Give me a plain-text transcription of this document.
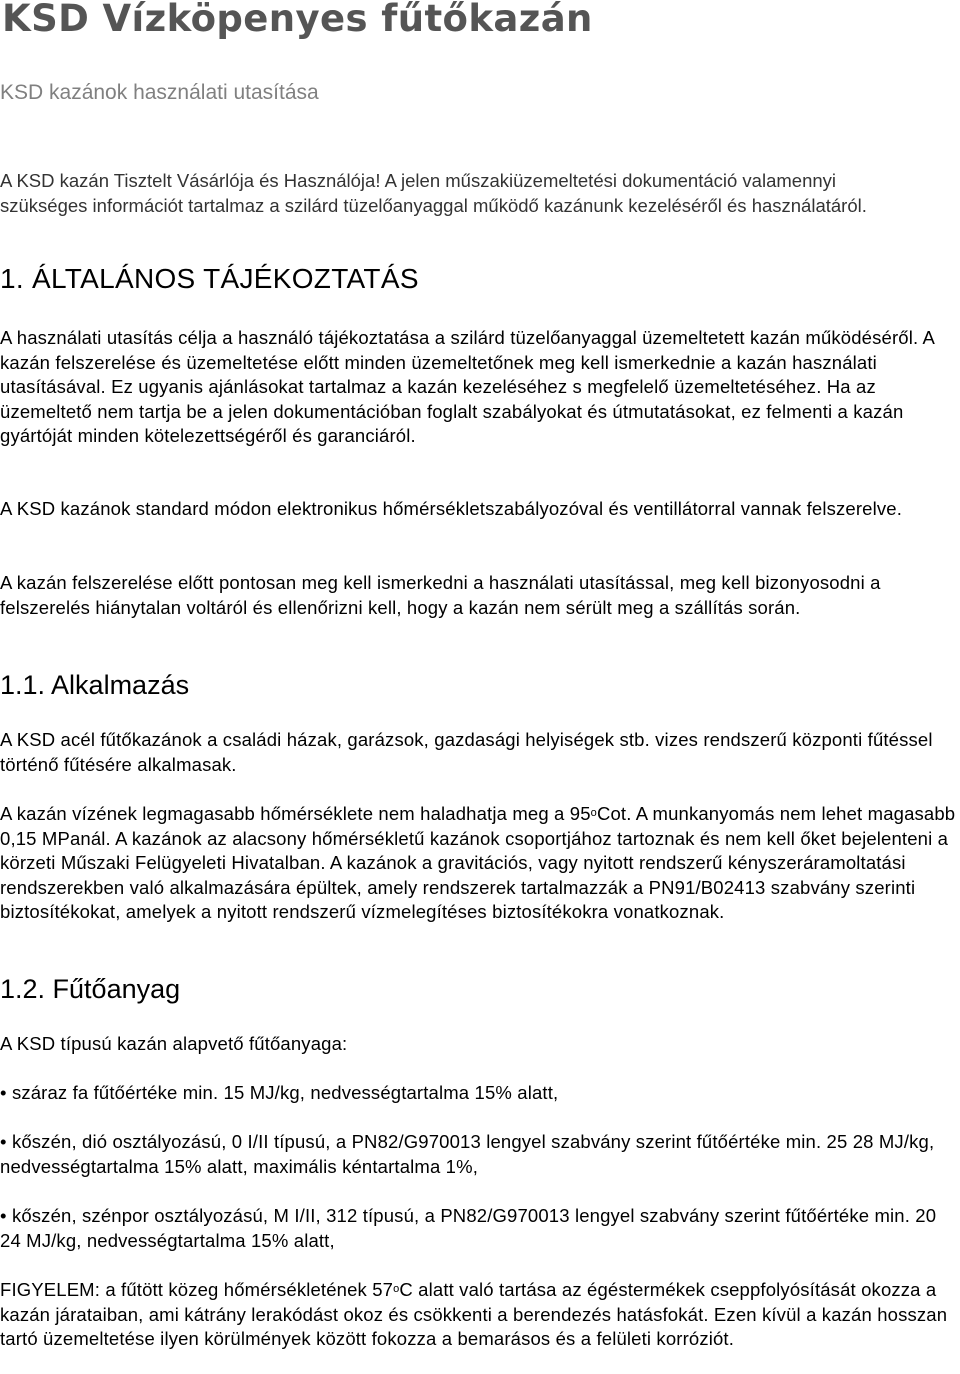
KSD Vízköpenyes fűtőkazán

KSD kazánok használati utasítása

A KSD kazán Tisztelt Vásárlója és Használója! A jelen műszakiüzemeltetési dokumentáció valamennyi szükséges információt tartalmaz a szilárd tüzelőanyaggal működő kazánunk kezeléséről és használatáról.

1. ÁLTALÁNOS TÁJÉKOZTATÁS

A használati utasítás célja a használó tájékoztatása a szilárd tüzelőanyaggal üzemeltetett kazán működéséről. A kazán felszerelése és üzemeltetése előtt minden üzemeltetőnek meg kell ismerkednie a kazán használati utasításával. Ez ugyanis ajánlásokat tartalmaz a kazán kezeléséhez s megfelelő üzemeltetéséhez. Ha az üzemeltető nem tartja be a jelen dokumentációban foglalt szabályokat és útmutatásokat, ez felmenti a kazán gyártóját minden kötelezettségéről és garanciáról.

A KSD kazánok standard módon elektronikus hőmérsékletszabályozóval és ventillátorral vannak felszerelve.

A kazán felszerelése előtt pontosan meg kell ismerkedni a használati utasítással, meg kell bizonyosodni a felszerelés hiánytalan voltáról és ellenőrizni kell, hogy a kazán nem sérült meg a szállítás során.

1.1. Alkalmazás

A KSD acél fűtőkazánok a családi házak, garázsok, gazdasági helyiségek stb. vizes rendszerű központi fűtéssel történő fűtésére alkalmasak.

A kazán vízének legmagasabb hőmérséklete nem haladhatja meg a 95$^o$Cot. A munkanyomás nem lehet magasabb 0,15 MPanál. A kazánok az alacsony hőmérsékletű kazánok csoportjához tartoznak és nem kell őket bejelenteni a körzeti Műszaki Felügyeleti Hivatalban. A kazánok a gravitációs, vagy nyitott rendszerű kényszeráramoltatási rendszerekben való alkalmazására épültek, amely rendszerek tartalmazzák a PN91/B02413 szabvány szerinti biztosítékokat, amelyek a nyitott rendszerű vízmelegítéses biztosítékokra vonatkoznak.

1.2. Fűtőanyag

A KSD típusú kazán alapvető fűtőanyaga:

• száraz fa fűtőértéke min. 15 MJ/kg, nedvességtartalma 15% alatt,

• kőszén, dió osztályozású, 0 I/II típusú, a PN82/G970013 lengyel szabvány szerint fűtőértéke min. 25 28 MJ/kg, nedvességtartalma 15% alatt, maximális kéntartalma 1%,

• kőszén, szénpor osztályozású, M I/II, 312 típusú, a PN82/G970013 lengyel szabvány szerint fűtőértéke min. 20 24 MJ/kg, nedvességtartalma 15% alatt,

FIGYELEM: a fűtött közeg hőmérsékletének 57$^o$C alatt való tartása az égéstermékek cseppfolyósítását okozza a kazán járataiban, ami kátrány lerakódást okoz és csökkenti a berendezés hatásfokát. Ezen kívül a kazán hosszan tartó üzemeltetése ilyen körülmények között fokozza a bemarásos és a felületi korróziót.
